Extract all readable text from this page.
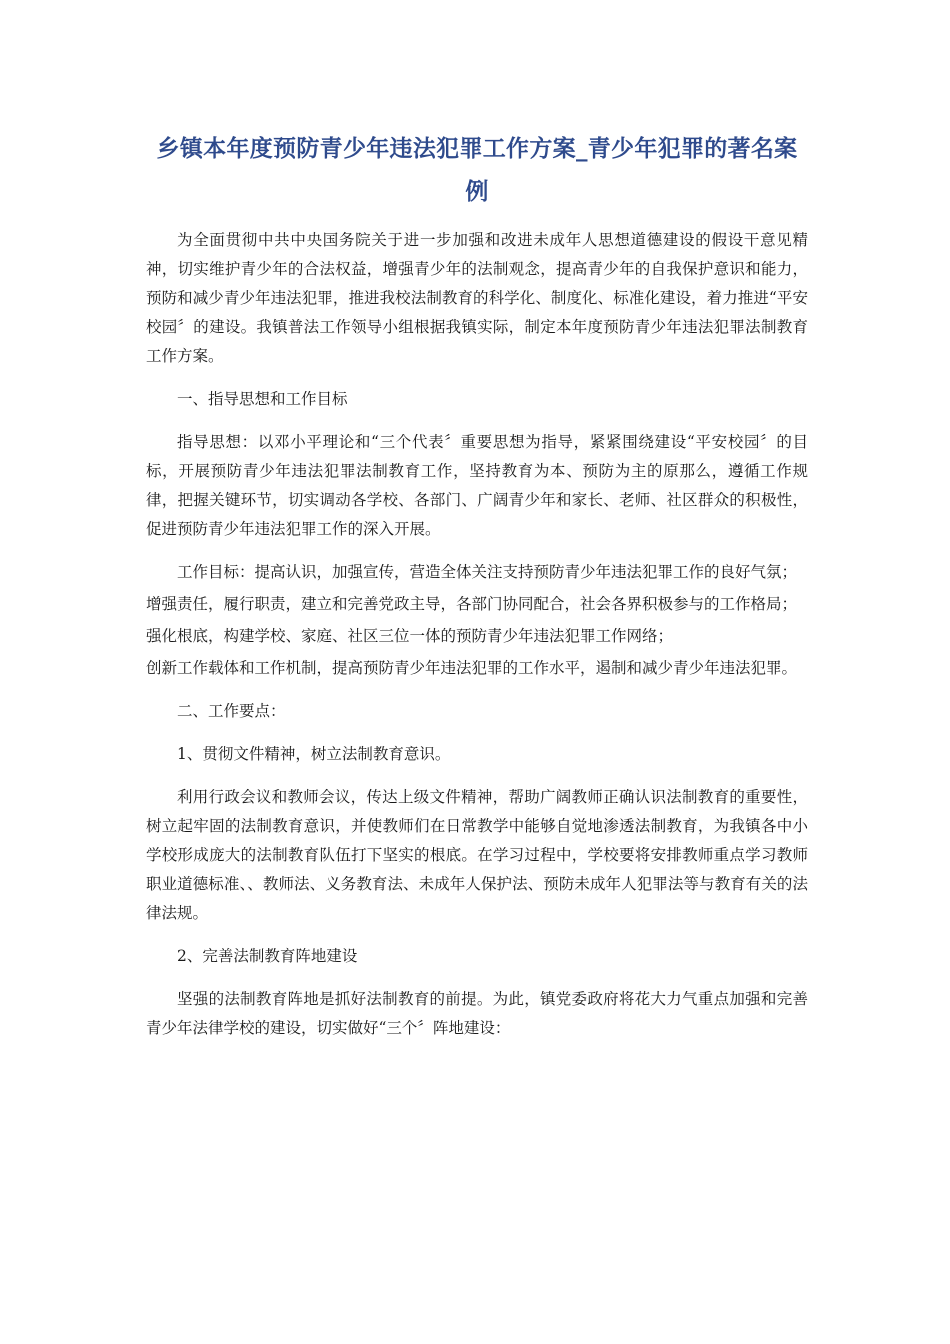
乡镇本年度预防青少年违法犯罪工作方案_青少年犯罪的著名案例

为全面贯彻中共中央国务院关于进一步加强和改进未成年人思想道德建设的假设干意见精神，切实维护青少年的合法权益，增强青少年的法制观念，提高青少年的自我保护意识和能力，预防和减少青少年违法犯罪，推进我校法制教育的科学化、制度化、标准化建设，着力推进“平安校园〞的建设。我镇普法工作领导小组根据我镇实际，制定本年度预防青少年违法犯罪法制教育工作方案。

一、指导思想和工作目标

指导思想：以邓小平理论和“三个代表〞重要思想为指导，紧紧围绕建设“平安校园〞的目标，开展预防青少年违法犯罪法制教育工作，坚持教育为本、预防为主的原那么，遵循工作规律，把握关键环节，切实调动各学校、各部门、广阔青少年和家长、老师、社区群众的积极性，促进预防青少年违法犯罪工作的深入开展。

工作目标：提高认识，加强宣传，营造全体关注支持预防青少年违法犯罪工作的良好气氛；

增强责任，履行职责，建立和完善党政主导，各部门协同配合，社会各界积极参与的工作格局；

强化根底，构建学校、家庭、社区三位一体的预防青少年违法犯罪工作网络；

创新工作载体和工作机制，提高预防青少年违法犯罪的工作水平，遏制和减少青少年违法犯罪。

二、工作要点：

1、贯彻文件精神，树立法制教育意识。

利用行政会议和教师会议，传达上级文件精神，帮助广阔教师正确认识法制教育的重要性，树立起牢固的法制教育意识，并使教师们在日常教学中能够自觉地渗透法制教育，为我镇各中小学校形成庞大的法制教育队伍打下坚实的根底。在学习过程中，学校要将安排教师重点学习教师职业道德标准、、教师法、义务教育法、未成年人保护法、预防未成年人犯罪法等与教育有关的法律法规。

2、完善法制教育阵地建设

坚强的法制教育阵地是抓好法制教育的前提。为此，镇党委政府将花大力气重点加强和完善青少年法律学校的建设，切实做好“三个〞阵地建设：
